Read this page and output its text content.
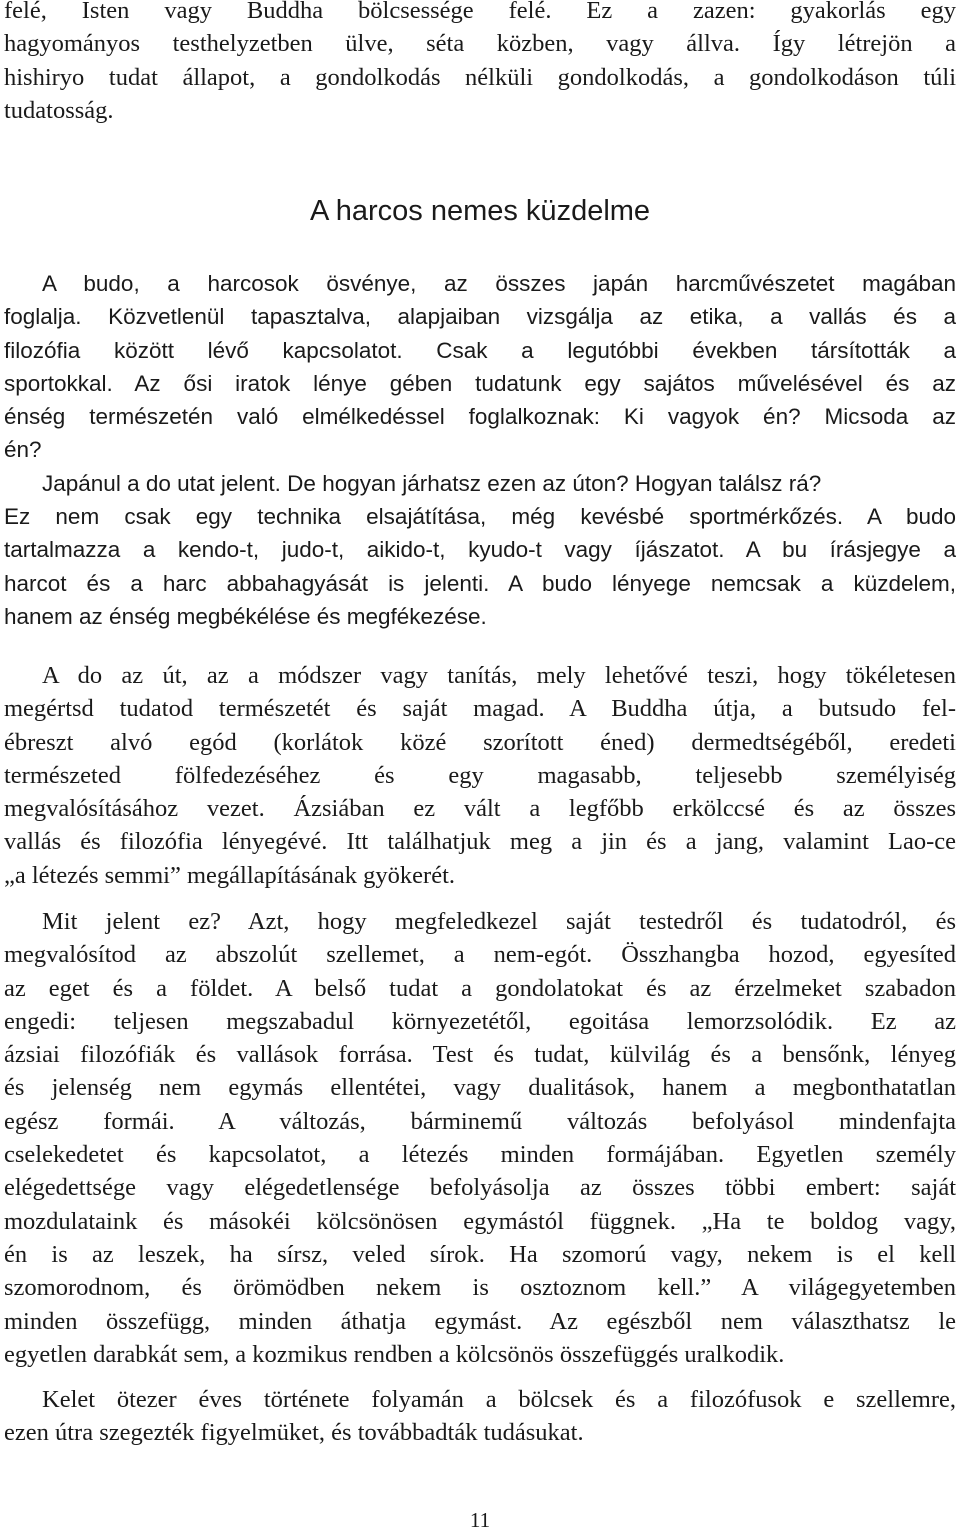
felé, Isten vagy Buddha bölcsessége felé. Ez a zazen: gyakorlás egy
hagyományos testhelyzetben ülve, séta közben, vagy állva. Így létrejön a
hishiryo tudat állapot, a gondolkodás nélküli gondolkodás, a gondolkodáson túli
tudatosság.

A harcos nemes küzdelme

A budo, a harcosok ösvénye, az összes japán harcművészetet magában
foglalja. Közvetlenül tapasztalva, alapjaiban vizsgálja az etika, a vallás és a
filozófia között lévő kapcsolatot. Csak a legutóbbi években társították a
sportokkal. Az ősi iratok lénye gében tudatunk egy sajátos művelésével és az
énség természetén való elmélkedéssel foglalkoznak: Ki vagyok én? Micsoda az
én?
Japánul a do utat jelent. De hogyan járhatsz ezen az úton? Hogyan találsz rá?
Ez nem csak egy technika elsajátítása, még kevésbé sportmérkőzés. A budo
tartalmazza a kendo-t, judo-t, aikido-t, kyudo-t vagy íjászatot. A bu írásjegye a
harcot és a harc abbahagyását is jelenti. A budo lényege nemcsak a küzdelem,
hanem az énség megbékélése és megfékezése.

A do az út, az a módszer vagy tanítás, mely lehetővé teszi, hogy tökéletesen
megértsd tudatod természetét és saját magad. A Buddha útja, a butsudo fel-
ébreszt alvó egód (korlátok közé szorított éned) dermedtségéből, eredeti
természeted fölfedezéséhez és egy magasabb, teljesebb személyiség
megvalósításához vezet. Ázsiában ez vált a legfőbb erkölccsé és az összes
vallás és filozófia lényegévé. Itt találhatjuk meg a jin és a jang, valamint Lao-ce
„a létezés semmi” megállapításának gyökerét.

Mit jelent ez? Azt, hogy megfeledkezel saját testedről és tudatodról, és
megvalósítod az abszolút szellemet, a nem-egót. Összhangba hozod, egyesíted
az eget és a földet. A belső tudat a gondolatokat és az érzelmeket szabadon
engedi: teljesen megszabadul környezetétől, egoitása lemorzsolódik. Ez az
ázsiai filozófiák és vallások forrása. Test és tudat, külvilág és a bensőnk, lényeg
és jelenség nem egymás ellentétei, vagy dualitások, hanem a megbonthatatlan
egész formái. A változás, bárminemű változás befolyásol mindenfajta
cselekedetet és kapcsolatot, a létezés minden formájában. Egyetlen személy
elégedettsége vagy elégedetlensége befolyásolja az összes többi embert: saját
mozdulataink és másokéi kölcsönösen egymástól függnek. „Ha te boldog vagy,
én is az leszek, ha sírsz, veled sírok. Ha szomorú vagy, nekem is el kell
szomorodnom, és örömödben nekem is osztoznom kell.” A világegyetemben
minden összefügg, minden áthatja egymást. Az egészből nem választhatsz le
egyetlen darabkát sem, a kozmikus rendben a kölcsönös összefüggés uralkodik.

Kelet ötezer éves története folyamán a bölcsek és a filozófusok e szellemre,
ezen útra szegezték figyelmüket, és továbbadták tudásukat.

11
